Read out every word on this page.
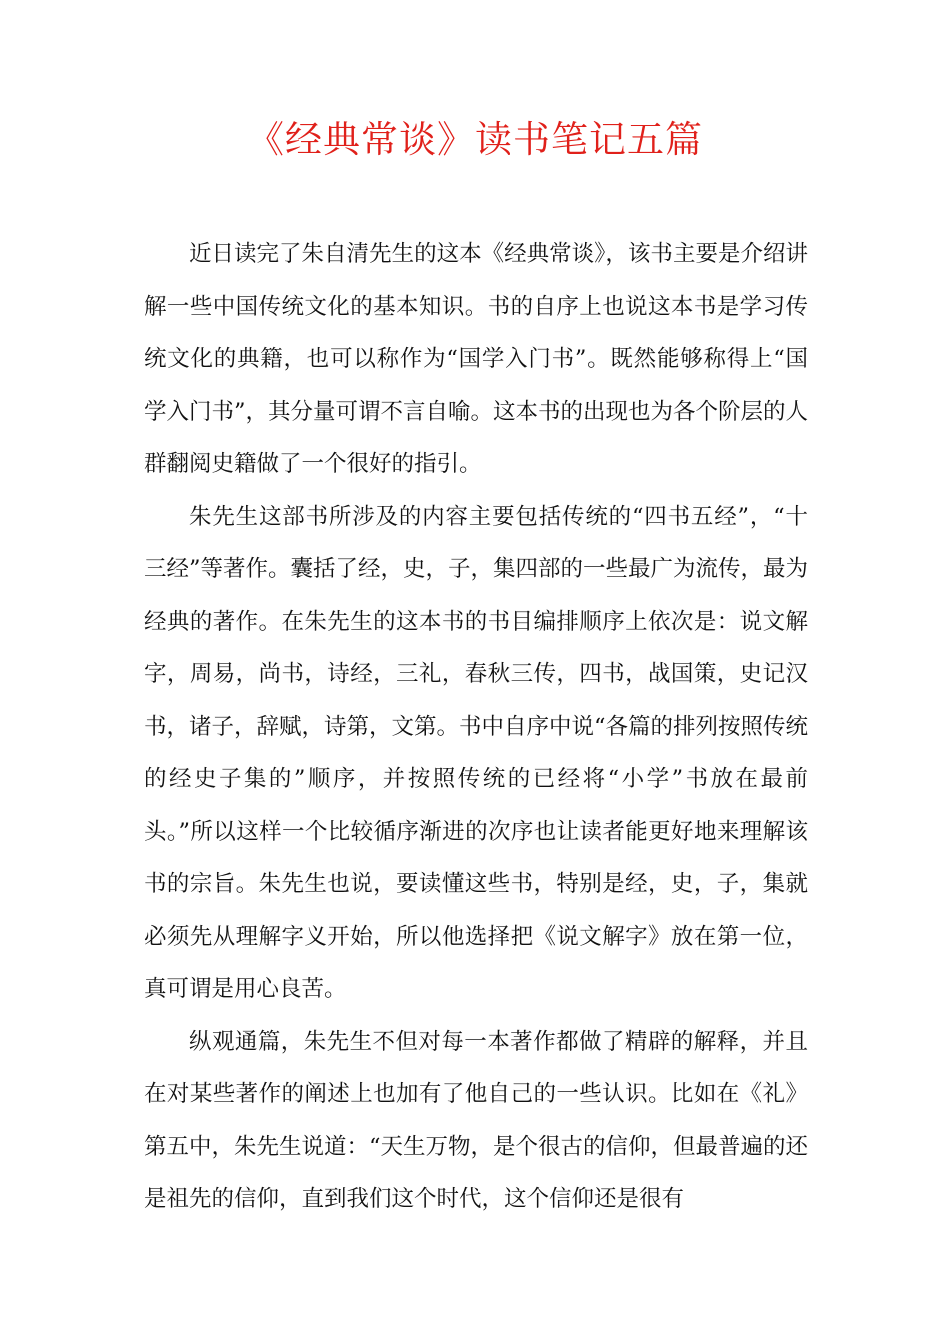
《经典常谈》读书笔记五篇

近日读完了朱自清先生的这本《经典常谈》，该书主要是介绍讲解一些中国传统文化的基本知识。书的自序上也说这本书是学习传统文化的典籍，也可以称作为“国学入门书”。既然能够称得上“国学入门书”，其分量可谓不言自喻。这本书的出现也为各个阶层的人群翻阅史籍做了一个很好的指引。

朱先生这部书所涉及的内容主要包括传统的“四书五经”，“十三经”等著作。囊括了经，史，子，集四部的一些最广为流传，最为经典的著作。在朱先生的这本书的书目编排顺序上依次是：说文解字，周易，尚书，诗经，三礼，春秋三传，四书，战国策，史记汉书，诸子，辞赋，诗第，文第。书中自序中说“各篇的排列按照传统的经史子集的”顺序，并按照传统的已经将“小学”书放在最前头。”所以这样一个比较循序渐进的次序也让读者能更好地来理解该书的宗旨。朱先生也说，要读懂这些书，特别是经，史，子，集就必须先从理解字义开始，所以他选择把《说文解字》放在第一位，真可谓是用心良苦。

纵观通篇，朱先生不但对每一本著作都做了精辟的解释，并且在对某些著作的阐述上也加有了他自己的一些认识。比如在《礼》第五中，朱先生说道：“天生万物，是个很古的信仰，但最普遍的还是祖先的信仰，直到我们这个时代，这个信仰还是很有
